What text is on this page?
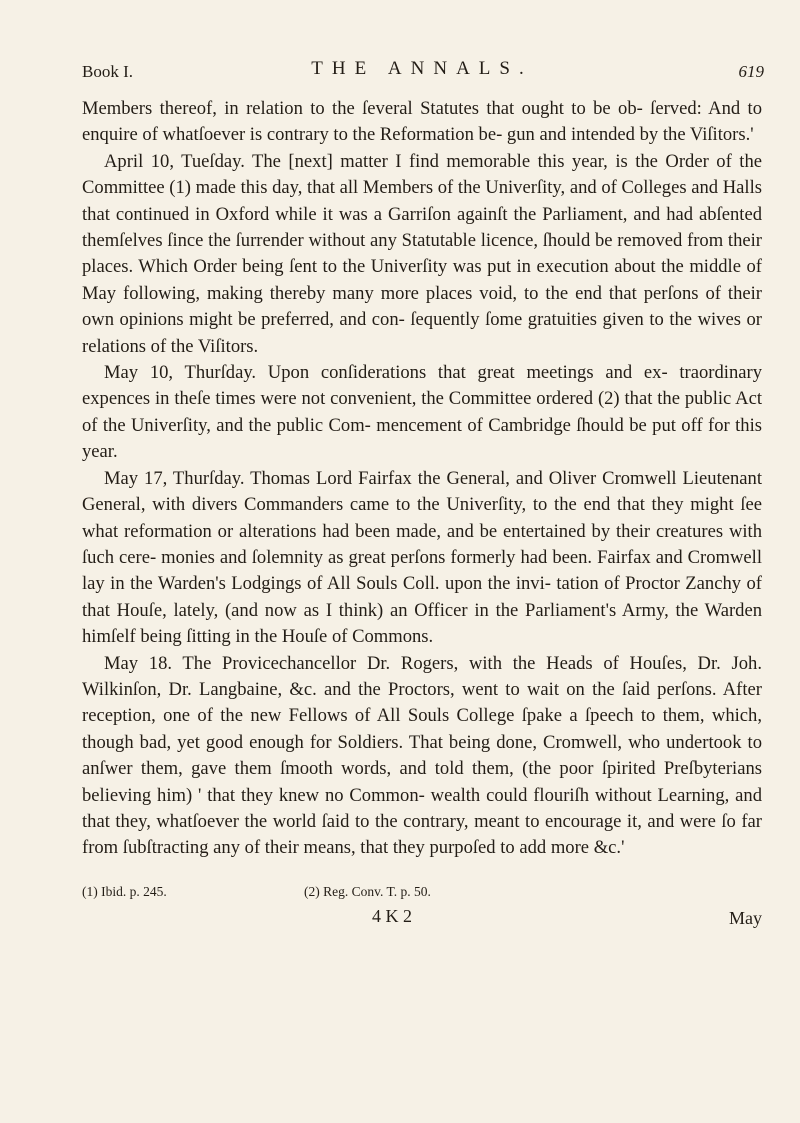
Book I.	THE ANNALS.	619

Members thereof, in relation to the ſeveral Statutes that ought to be ob- ſerved: And to enquire of whatſoever is contrary to the Reformation be- gun and intended by the Viſitors.'

April 10, Tueſday. The [next] matter I find memorable this year, is the Order of the Committee (1) made this day, that all Members of the Univerſity, and of Colleges and Halls that continued in Oxford while it was a Garriſon againſt the Parliament, and had abſented themſelves ſince the ſurrender without any Statutable licence, ſhould be removed from their places. Which Order being ſent to the Univerſity was put in execution about the middle of May following, making thereby many more places void, to the end that perſons of their own opinions might be preferred, and con- ſequently ſome gratuities given to the wives or relations of the Viſitors.

May 10, Thurſday. Upon conſiderations that great meetings and ex- traordinary expences in theſe times were not convenient, the Committee ordered (2) that the public Act of the Univerſity, and the public Com- mencement of Cambridge ſhould be put off for this year.

May 17, Thurſday. Thomas Lord Fairfax the General, and Oliver Cromwell Lieutenant General, with divers Commanders came to the Univerſity, to the end that they might ſee what reformation or alterations had been made, and be entertained by their creatures with ſuch cere- monies and ſolemnity as great perſons formerly had been. Fairfax and Cromwell lay in the Warden's Lodgings of All Souls Coll. upon the invi- tation of Proctor Zanchy of that Houſe, lately, (and now as I think) an Officer in the Parliament's Army, the Warden himſelf being ſitting in the Houſe of Commons.

May 18. The Provicechancellor Dr. Rogers, with the Heads of Houſes, Dr. Joh. Wilkinſon, Dr. Langbaine, &c. and the Proctors, went to wait on the ſaid perſons. After reception, one of the new Fellows of All Souls College ſpake a ſpeech to them, which, though bad, yet good enough for Soldiers. That being done, Cromwell, who undertook to anſwer them, gave them ſmooth words, and told them, (the poor ſpirited Preſbyterians believing him) ' that they knew no Common- wealth could flouriſh without Learning, and that they, whatſoever the world ſaid to the contrary, meant to encourage it, and were ſo far from ſubſtracting any of their means, that they purpoſed to add more &c.'

(1) Ibid. p. 245.	(2) Reg. Conv. T. p. 50.
4 K 2	May
